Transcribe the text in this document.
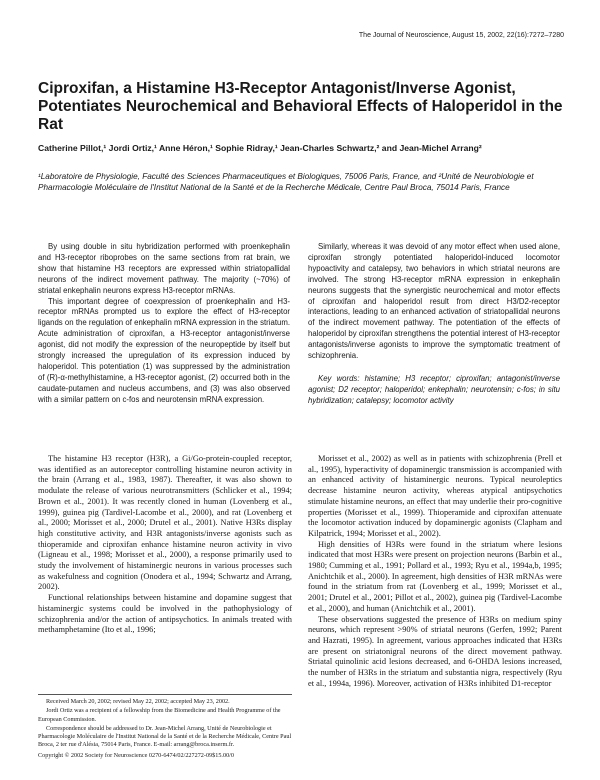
The Journal of Neuroscience, August 15, 2002, 22(16):7272–7280
Ciproxifan, a Histamine H3-Receptor Antagonist/Inverse Agonist, Potentiates Neurochemical and Behavioral Effects of Haloperidol in the Rat
Catherine Pillot,¹ Jordi Ortiz,¹ Anne Héron,¹ Sophie Ridray,¹ Jean-Charles Schwartz,² and Jean-Michel Arrang²
¹Laboratoire de Physiologie, Faculté des Sciences Pharmaceutiques et Biologiques, 75006 Paris, France, and ²Unité de Neurobiologie et Pharmacologie Moléculaire de l'Institut National de la Santé et de la Recherche Médicale, Centre Paul Broca, 75014 Paris, France

By using double in situ hybridization performed with proenkephalin and H3-receptor riboprobes on the same sections from rat brain, we show that histamine H3 receptors are expressed within striatopallidal neurons of the indirect movement pathway. The majority (~70%) of striatal enkephalin neurons express H3-receptor mRNAs.

This important degree of coexpression of proenkephalin and H3-receptor mRNAs prompted us to explore the effect of H3-receptor ligands on the regulation of enkephalin mRNA expression in the striatum. Acute administration of ciproxifan, a H3-receptor antagonist/inverse agonist, did not modify the expression of the neuropeptide by itself but strongly increased the upregulation of its expression induced by haloperidol. This potentiation (1) was suppressed by the administration of (R)-α-methylhistamine, a H3-receptor agonist, (2) occurred both in the caudate-putamen and nucleus accumbens, and (3) was also observed with a similar pattern on c-fos and neurotensin mRNA expression.

Similarly, whereas it was devoid of any motor effect when used alone, ciproxifan strongly potentiated haloperidol-induced locomotor hypoactivity and catalepsy, two behaviors in which striatal neurons are involved. The strong H3-receptor mRNA expression in enkephalin neurons suggests that the synergistic neurochemical and motor effects of ciproxifan and haloperidol result from direct H3/D2-receptor interactions, leading to an enhanced activation of striatopallidal neurons of the indirect movement pathway. The potentiation of the effects of haloperidol by ciproxifan strengthens the potential interest of H3-receptor antagonists/inverse agonists to improve the symptomatic treatment of schizophrenia.

Key words: histamine; H3 receptor; ciproxifan; antagonist/inverse agonist; D2 receptor; haloperidol; enkephalin; neurotensin; c-fos; in situ hybridization; catalepsy; locomotor activity

The histamine H3 receptor (H3R), a Gi/Go-protein-coupled receptor, was identified as an autoreceptor controlling histamine neuron activity in the brain (Arrang et al., 1983, 1987). Thereafter, it was also shown to modulate the release of various neurotransmitters (Schlicker et al., 1994; Brown et al., 2001). It was recently cloned in human (Lovenberg et al., 1999), guinea pig (Tardivel-Lacombe et al., 2000), and rat (Lovenberg et al., 2000; Morisset et al., 2000; Drutel et al., 2001). Native H3Rs display high constitutive activity, and H3R antagonists/inverse agonists such as thioperamide and ciproxifan enhance histamine neuron activity in vivo (Ligneau et al., 1998; Morisset et al., 2000), a response primarily used to study the involvement of histaminergic neurons in various processes such as wakefulness and cognition (Onodera et al., 1994; Schwartz and Arrang, 2002).

Functional relationships between histamine and dopamine suggest that histaminergic systems could be involved in the pathophysiology of schizophrenia and/or the action of antipsychotics. In animals treated with methamphetamine (Ito et al., 1996;

Morisset et al., 2002) as well as in patients with schizophrenia (Prell et al., 1995), hyperactivity of dopaminergic transmission is accompanied with an enhanced activity of histaminergic neurons. Typical neuroleptics decrease histamine neuron activity, whereas atypical antipsychotics stimulate histamine neurons, an effect that may underlie their pro-cognitive properties (Morisset et al., 1999). Thioperamide and ciproxifan attenuate the locomotor activation induced by dopaminergic agonists (Clapham and Kilpatrick, 1994; Morisset et al., 2002).

High densities of H3Rs were found in the striatum where lesions indicated that most H3Rs were present on projection neurons (Barbin et al., 1980; Cumming et al., 1991; Pollard et al., 1993; Ryu et al., 1994a,b, 1995; Anichtchik et al., 2000). In agreement, high densities of H3R mRNAs were found in the striatum from rat (Lovenberg et al., 1999; Morisset et al., 2001; Drutel et al., 2001; Pillot et al., 2002), guinea pig (Tardivel-Lacombe et al., 2000), and human (Anichtchik et al., 2001).

These observations suggested the presence of H3Rs on medium spiny neurons, which represent >90% of striatal neurons (Gerfen, 1992; Parent and Hazrati, 1995). In agreement, various approaches indicated that H3Rs are present on striatonigral neurons of the direct movement pathway. Striatal quinolinic acid lesions decreased, and 6-OHDA lesions increased, the number of H3Rs in the striatum and substantia nigra, respectively (Ryu et al., 1994a, 1996). Moreover, activation of H3Rs inhibited D1-receptor

Received March 20, 2002; revised May 22, 2002; accepted May 23, 2002.

Jordi Ortiz was a recipient of a fellowship from the Biomedicine and Health Programme of the European Commission.

Correspondence should be addressed to Dr. Jean-Michel Arrang, Unité de Neurobiologie et Pharmacologie Moléculaire de l'Institut National de la Santé et de la Recherche Médicale, Centre Paul Broca, 2 ter rue d'Alésia, 75014 Paris, France. E-mail: arrang@broca.inserm.fr.

Copyright © 2002 Society for Neuroscience 0270-6474/02/227272-09$15.00/0
